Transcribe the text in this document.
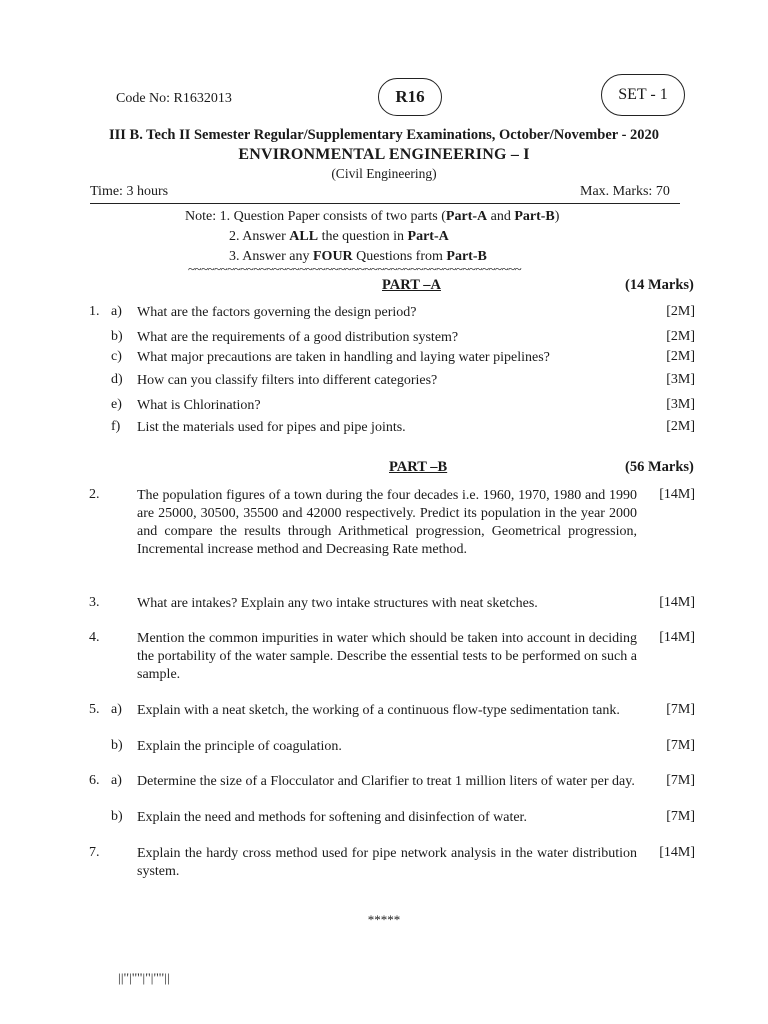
Code No: R1632013	R16	SET - 1
III B. Tech II Semester Regular/Supplementary Examinations, October/November - 2020
ENVIRONMENTAL ENGINEERING – I
(Civil Engineering)
Time: 3 hours	Max. Marks: 70
Note: 1. Question Paper consists of two parts (Part-A and Part-B)
2. Answer ALL the question in Part-A
3. Answer any FOUR Questions from Part-B
~~~~~~~~~~~~~~~~~~~~~~~~~~~~~~~~~~~~~~~~~~~~~~~~~~~
PART –A	(14 Marks)
1. a) What are the factors governing the design period?	[2M]
b) What are the requirements of a good distribution system?	[2M]
c) What major precautions are taken in handling and laying water pipelines?	[2M]
d) How can you classify filters into different categories?	[3M]
e) What is Chlorination?	[3M]
f) List the materials used for pipes and pipe joints.	[2M]
PART –B	(56 Marks)
2.	The population figures of a town during the four decades i.e. 1960, 1970, 1980 and 1990 are 25000, 30500, 35500 and 42000 respectively. Predict its population in the year 2000 and compare the results through Arithmetical progression, Geometrical progression, Incremental increase method and Decreasing Rate method.
[14M]
3.	What are intakes? Explain any two intake structures with neat sketches.	[14M]
4.	Mention the common impurities in water which should be taken into account in deciding the portability of the water sample. Describe the essential tests to be performed on such a sample.
[14M]
5. a) Explain with a neat sketch, the working of a continuous flow-type sedimentation tank.	[7M]
b) Explain the principle of coagulation.	[7M]
6. a) Determine the size of a Flocculator and Clarifier to treat 1 million liters of water per day.	[7M]
b) Explain the need and methods for softening and disinfection of water.	[7M]
7.	Explain the hardy cross method used for pipe network analysis in the water distribution system.
[14M]
*****
||''|''''|''|''''||
